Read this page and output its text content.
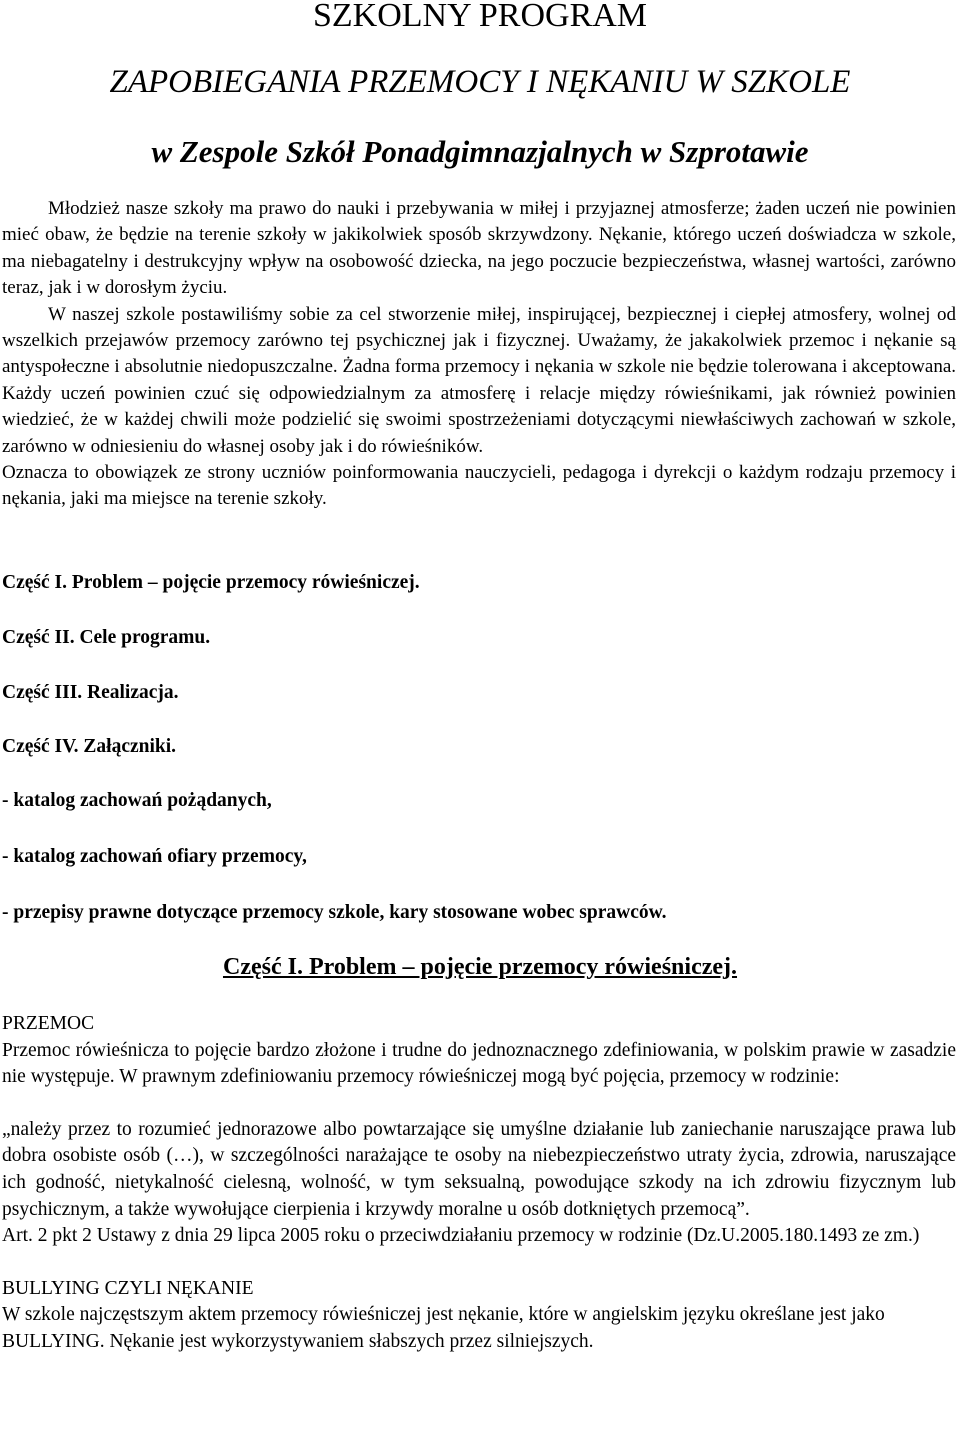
SZKOLNY PROGRAM
ZAPOBIEGANIA PRZEMOCY I NĘKANIU W SZKOLE
w Zespole Szkół Ponadgimnazjalnych w Szprotawie

Młodzież nasze szkoły ma prawo do nauki i przebywania w miłej i przyjaznej atmosferze; żaden uczeń nie powinien mieć obaw, że będzie na terenie szkoły w jakikolwiek sposób skrzywdzony. Nękanie, którego uczeń doświadcza w szkole, ma niebagatelny i destrukcyjny wpływ na osobowość dziecka, na jego poczucie bezpieczeństwa, własnej wartości, zarówno teraz, jak i w dorosłym życiu.

W naszej szkole postawiliśmy sobie za cel stworzenie miłej, inspirującej, bezpiecznej i ciepłej atmosfery, wolnej od wszelkich przejawów przemocy zarówno tej psychicznej jak i fizycznej. Uważamy, że jakakolwiek przemoc i nękanie są antyspołeczne i absolutnie niedopuszczalne. Żadna forma przemocy i nękania w szkole nie będzie tolerowana i akceptowana. Każdy uczeń powinien czuć się odpowiedzialnym za atmosferę i relacje między rówieśnikami, jak również powinien wiedzieć, że w każdej chwili może podzielić się swoimi spostrzeżeniami dotyczącymi niewłaściwych zachowań w szkole, zarówno w odniesieniu do własnej osoby jak i do rówieśników.

Oznacza to obowiązek ze strony uczniów poinformowania nauczycieli, pedagoga i dyrekcji o każdym rodzaju przemocy i nękania, jaki ma miejsce na terenie szkoły.

Część I. Problem – pojęcie przemocy rówieśniczej.
Część II. Cele programu.
Część III. Realizacja.
Część IV. Załączniki.
- katalog zachowań pożądanych,
- katalog zachowań ofiary przemocy,
- przepisy prawne dotyczące przemocy szkole, kary stosowane wobec sprawców.
Część I. Problem – pojęcie przemocy rówieśniczej.

PRZEMOC

Przemoc rówieśnicza to pojęcie bardzo złożone i trudne do jednoznacznego zdefiniowania, w polskim prawie w zasadzie nie występuje. W prawnym zdefiniowaniu przemocy rówieśniczej mogą być pojęcia, przemocy w rodzinie:

„należy przez to rozumieć jednorazowe albo powtarzające się umyślne działanie lub zaniechanie naruszające prawa lub dobra osobiste osób (…), w szczególności narażające te osoby na niebezpieczeństwo utraty życia, zdrowia, naruszające ich godność, nietykalność cielesną, wolność, w tym seksualną, powodujące szkody na ich zdrowiu fizycznym lub psychicznym, a także wywołujące cierpienia i krzywdy moralne u osób dotkniętych przemocą”.

Art. 2 pkt 2 Ustawy z dnia 29 lipca 2005 roku o przeciwdziałaniu przemocy w rodzinie (Dz.U.2005.180.1493 ze zm.)

BULLYING CZYLI NĘKANIE

W szkole najczęstszym aktem przemocy rówieśniczej jest nękanie, które w angielskim języku określane jest jako BULLYING. Nękanie jest wykorzystywaniem słabszych przez silniejszych.
